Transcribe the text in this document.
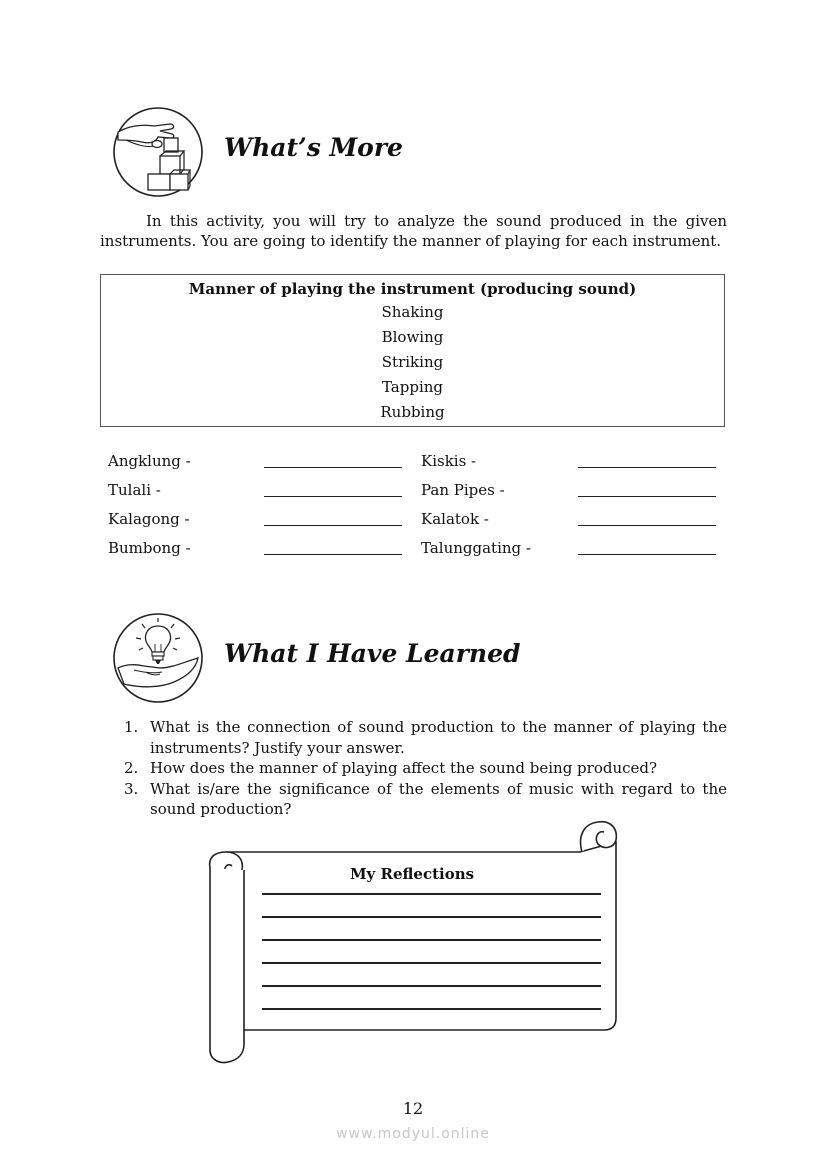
What’s More
In this activity, you will try to analyze the sound produced in the given instruments. You are going to identify the manner of playing for each instrument.
Manner of playing the instrument (producing sound)
Shaking
Blowing
Striking
Tapping
Rubbing
Angklung -
Tulali -
Kalagong -
Bumbong -
Kiskis -
Pan Pipes -
Kalatok -
Talunggating -
What I Have Learned
1. What is the connection of sound production to the manner of playing the instruments? Justify your answer.
2. How does the manner of playing affect the sound being produced?
3. What is/are the significance of the elements of music with regard to the sound production?
My Reflections
12
www.modyul.online
